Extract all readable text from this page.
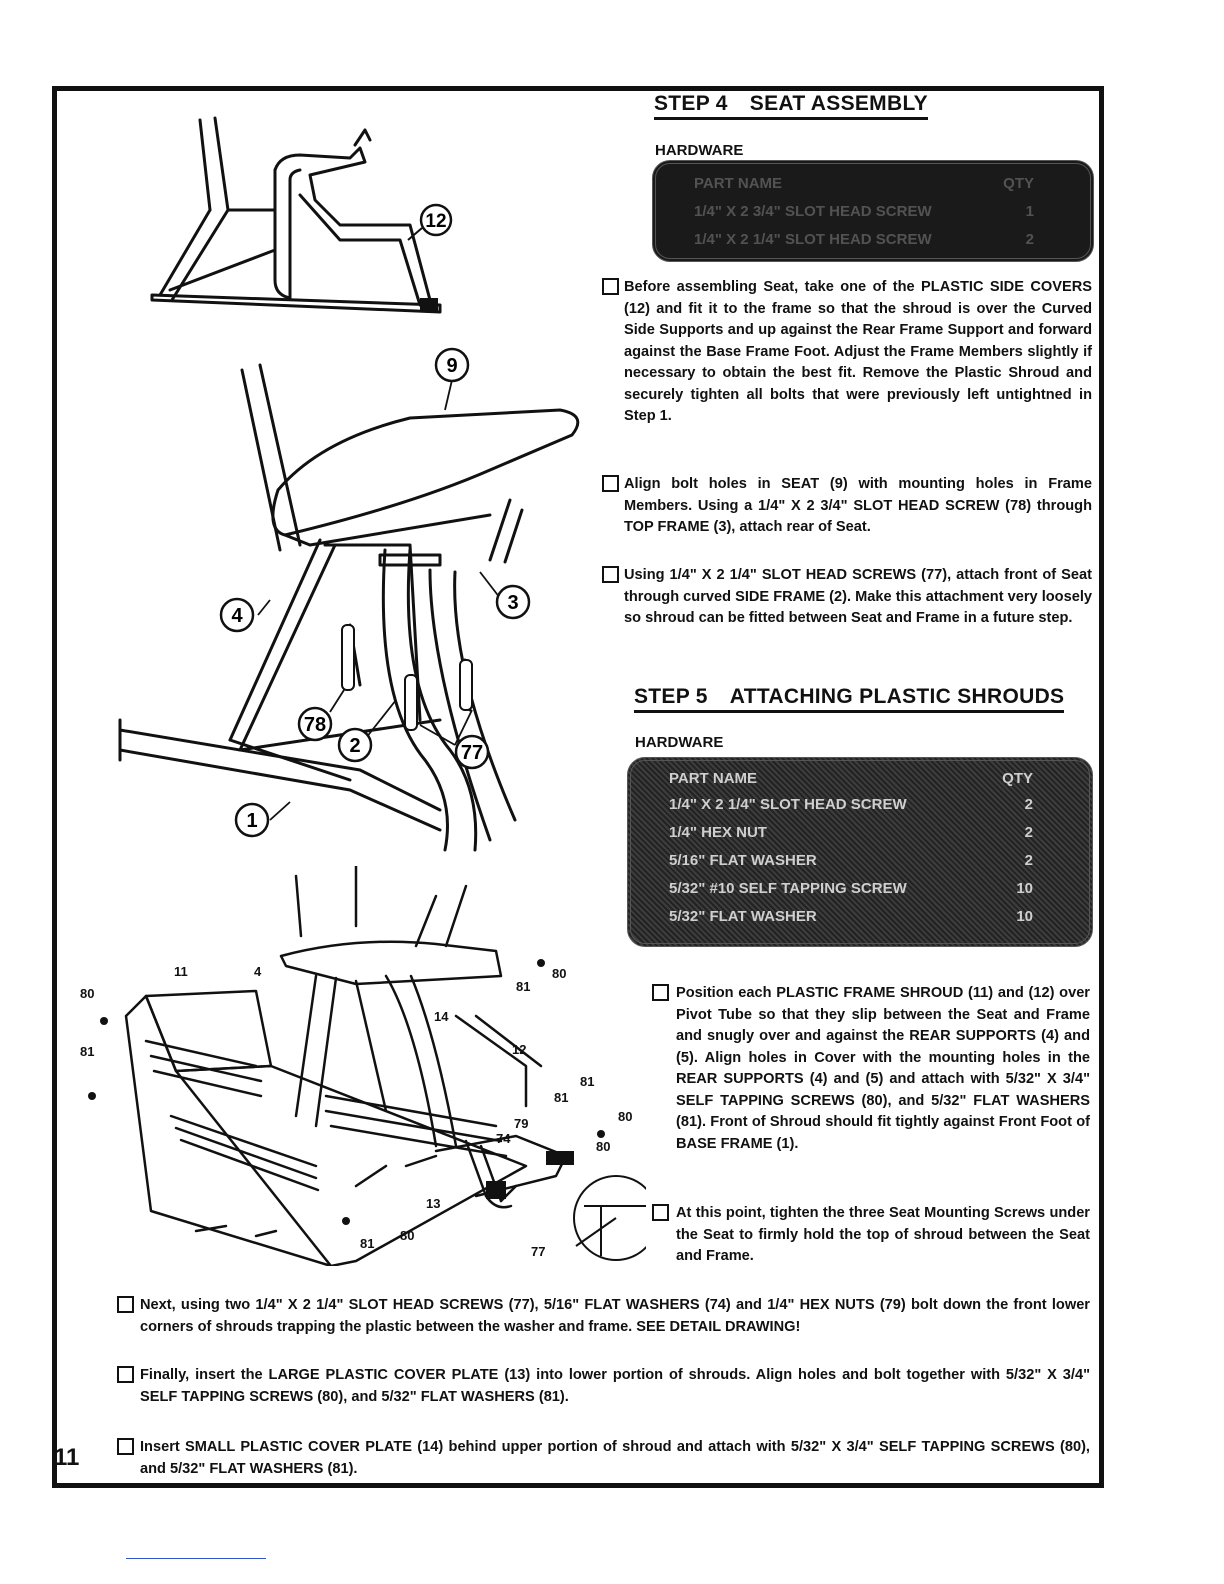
11
STEP 4 SEAT ASSEMBLY
HARDWARE
PART NAME	QTY
1/4" X 2 3/4" SLOT HEAD SCREW	1
1/4" X 2 1/4" SLOT HEAD SCREW	2
Before assembling Seat, take one of the PLASTIC SIDE COVERS (12) and fit it to the frame so that the shroud is over the Curved Side Supports and up against the Rear Frame Support and forward against the Base Frame Foot. Adjust the Frame Members slightly if necessary to obtain the best fit. Remove the Plastic Shroud and securely tighten all bolts that were previously left untightned in Step 1.
Align bolt holes in SEAT (9) with mounting holes in Frame Members. Using a 1/4" X 2 3/4" SLOT HEAD SCREW (78) through TOP FRAME (3), attach rear of Seat.
Using 1/4" X 2 1/4" SLOT HEAD SCREWS (77), attach front of Seat through curved SIDE FRAME (2). Make this attachment very loosely so shroud can be fitted between Seat and Frame in a future step.
STEP 5 ATTACHING PLASTIC SHROUDS
HARDWARE
PART NAME	QTY
1/4" X 2 1/4" SLOT HEAD SCREW	2
1/4" HEX NUT	2
5/16" FLAT WASHER	2
5/32" #10 SELF TAPPING SCREW	10
5/32" FLAT WASHER	10
Position each PLASTIC FRAME SHROUD (11) and (12) over Pivot Tube so that they slip between the Seat and Frame and snugly over and against the REAR SUPPORTS (4) and (5). Align holes in Cover with the mounting holes in the REAR SUPPORTS (4) and (5) and attach with 5/32" X 3/4" SELF TAPPING SCREWS (80), and 5/32" FLAT WASHERS (81). Front of Shroud should fit tightly against Front Foot of BASE FRAME (1).
At this point, tighten the three Seat Mounting Screws under the Seat to firmly hold the top of shroud between the Seat and Frame.
Next, using two 1/4" X 2 1/4" SLOT HEAD SCREWS (77), 5/16" FLAT WASHERS (74) and 1/4" HEX NUTS (79) bolt down the front lower corners of shrouds trapping the plastic between the washer and frame. SEE DETAIL DRAWING!
Finally, insert the LARGE PLASTIC COVER PLATE (13) into lower portion of shrouds. Align holes and bolt together with 5/32" X 3/4" SELF TAPPING SCREWS (80), and 5/32" FLAT WASHERS (81).
Insert SMALL PLASTIC COVER PLATE (14) behind upper portion of shroud and attach with 5/32" X 3/4" SELF TAPPING SCREWS (80), and 5/32" FLAT WASHERS (81).
12
9
4
3
78
2	77
1
11	4
80
81
81
80
14
12
81
80
79
74
13
81
80
77
80
81
